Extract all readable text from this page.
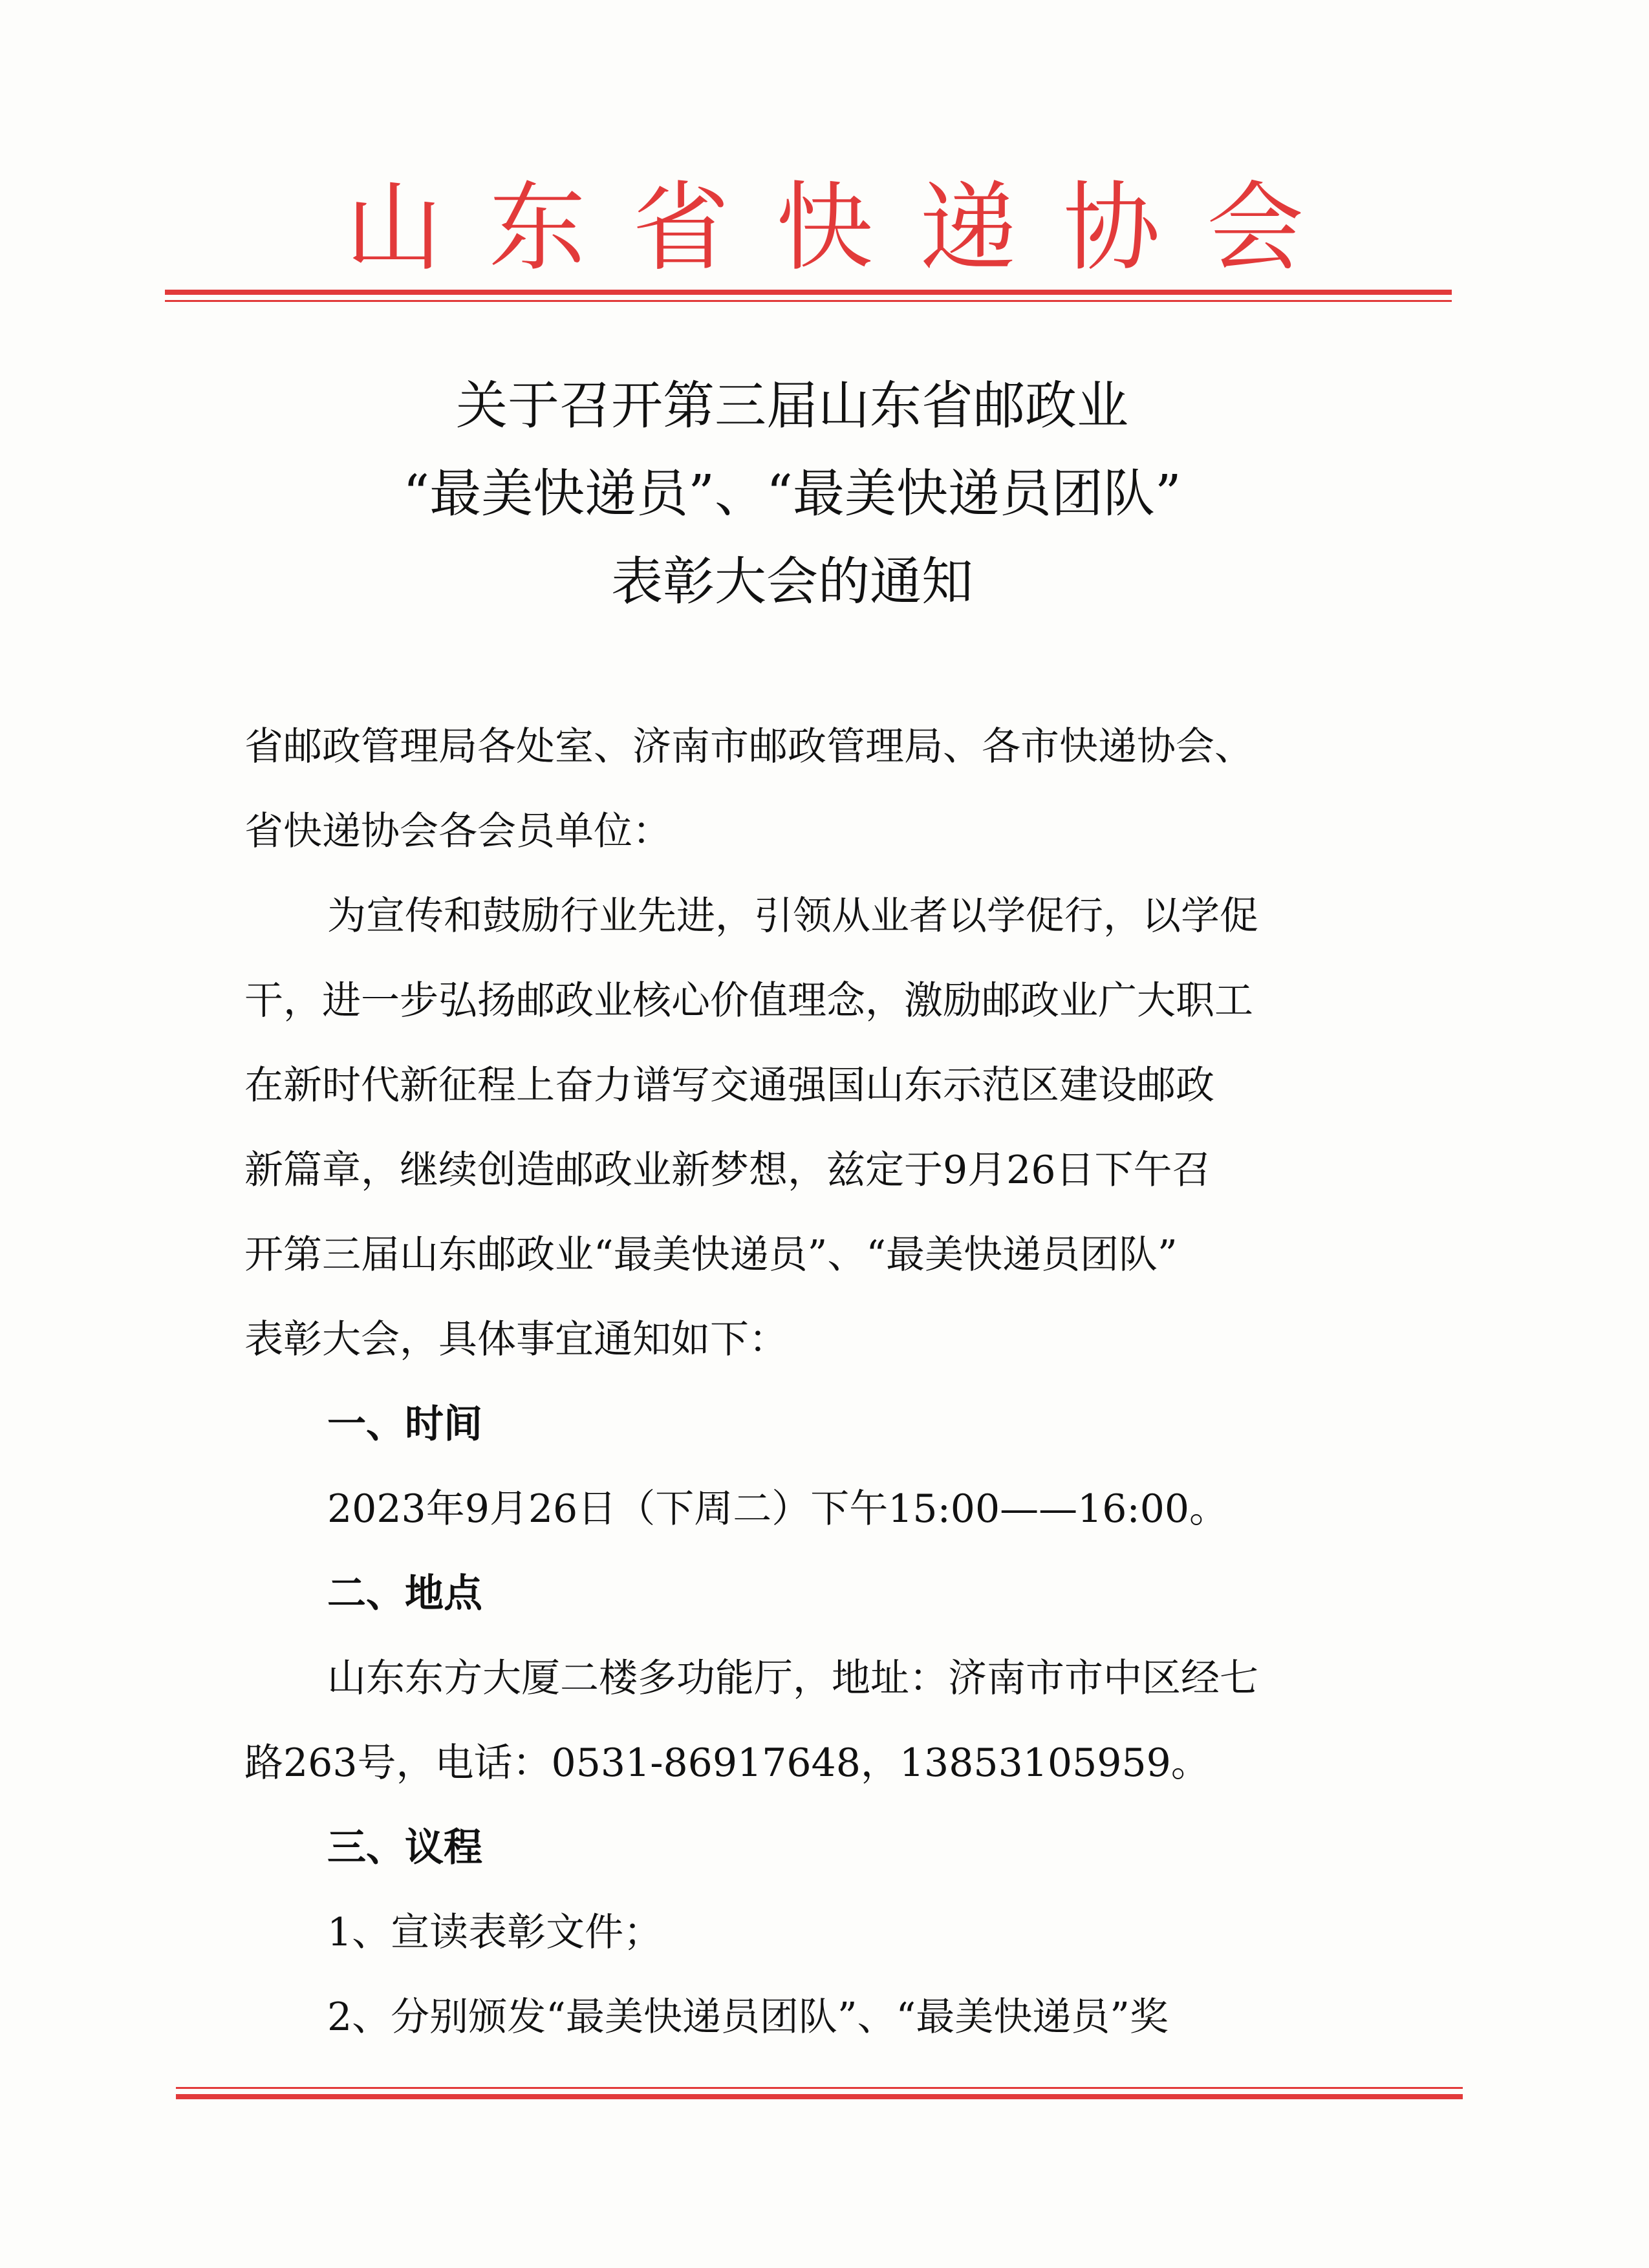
山东省快递协会
关于召开第三届山东省邮政业
“最美快递员”、“最美快递员团队”
表彰大会的通知
省邮政管理局各处室、济南市邮政管理局、各市快递协会、
省快递协会各会员单位：
为宣传和鼓励行业先进，引领从业者以学促行，以学促
干，进一步弘扬邮政业核心价值理念，激励邮政业广大职工
在新时代新征程上奋力谱写交通强国山东示范区建设邮政
新篇章，继续创造邮政业新梦想，兹定于9月26日下午召
开第三届山东邮政业“最美快递员”、“最美快递员团队”
表彰大会，具体事宜通知如下：
一、时间
2023年9月26日（下周二）下午15:00——16:00。
二、地点
山东东方大厦二楼多功能厅，地址：济南市市中区经七
路263号，电话：0531-86917648，13853105959。
三、议程
1、宣读表彰文件；
2、分别颁发“最美快递员团队”、“最美快递员”奖
